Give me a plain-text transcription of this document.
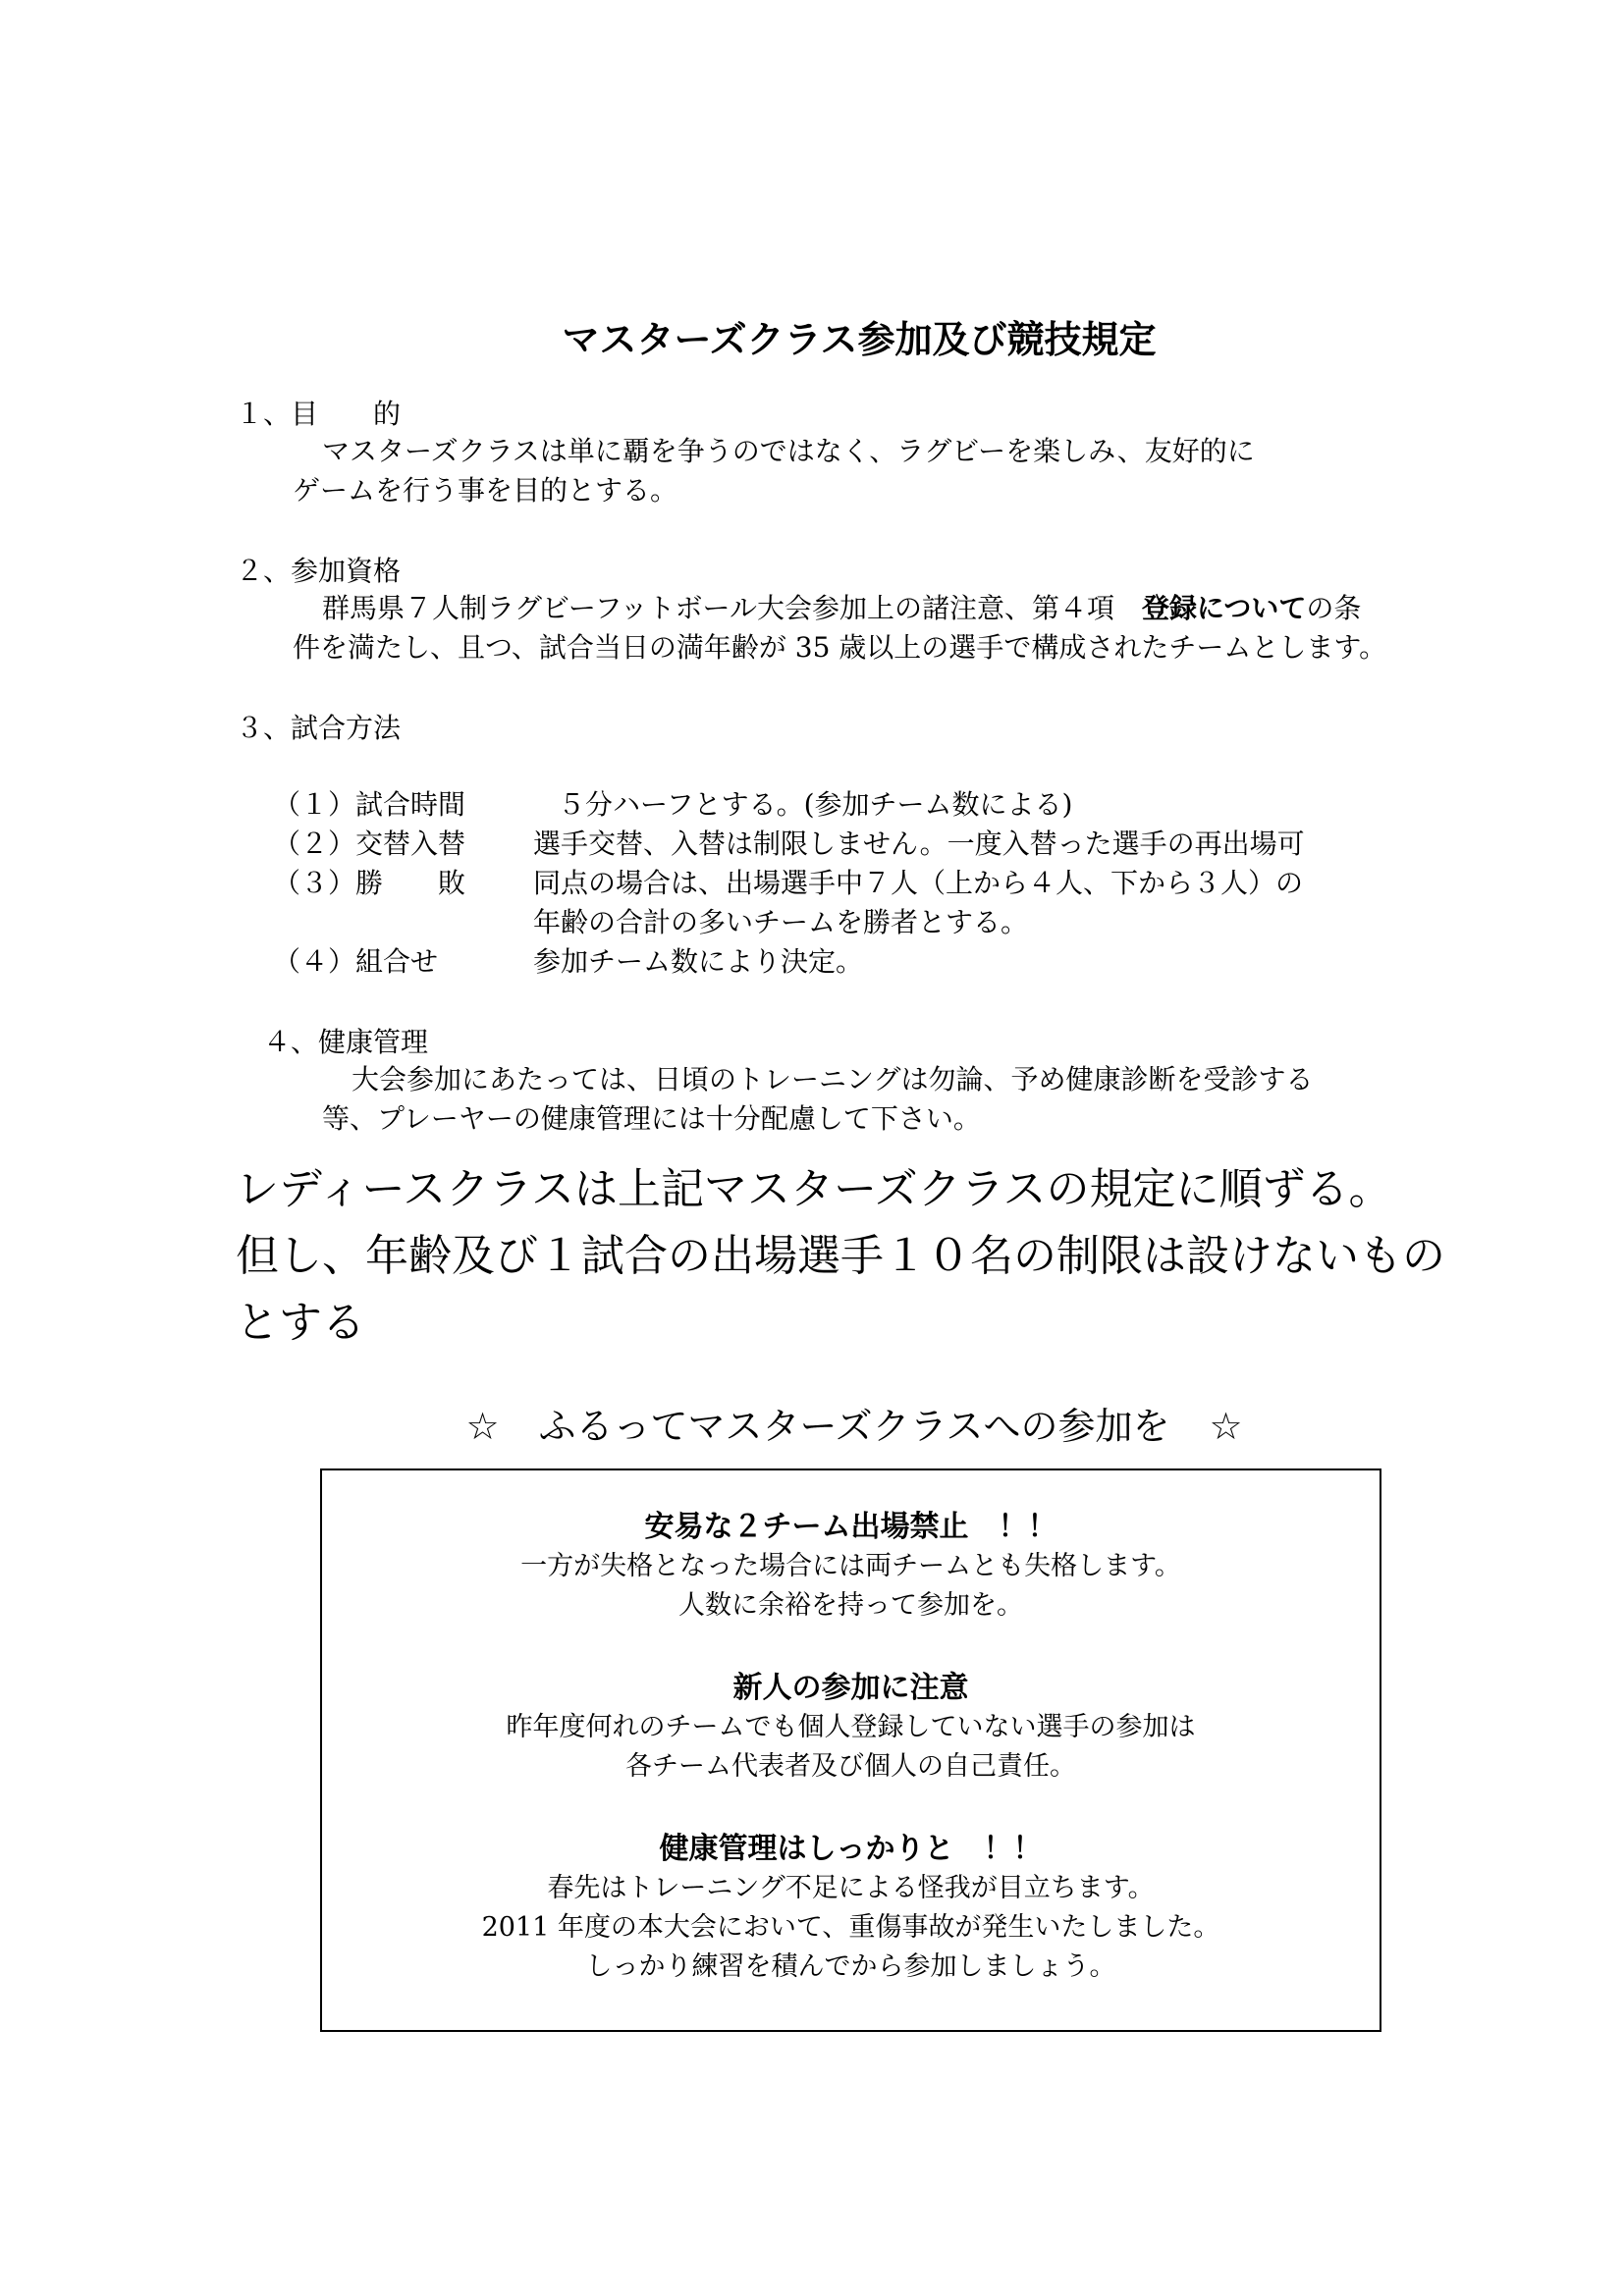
マスターズクラス参加及び競技規定
１、目　　的
マスターズクラスは単に覇を争うのではなく、ラグビーを楽しみ、友好的に
ゲームを行う事を目的とする。
２、参加資格
群馬県７人制ラグビーフットボール大会参加上の諸注意、第４項　登録についての条
件を満たし、且つ、試合当日の満年齢が 35 歳以上の選手で構成されたチームとします。
３、試合方法
（１）試合時間 　５分ハーフとする。(参加チーム数による)
（２）交替入替 選手交替、入替は制限しません。一度入替った選手の再出場可
（３）勝　　敗 同点の場合は、出場選手中７人（上から４人、下から３人）の
年齢の合計の多いチームを勝者とする。
（４）組合せ	参加チーム数により決定。
４、健康管理
大会参加にあたっては、日頃のトレーニングは勿論、予め健康診断を受診する
等、プレーヤーの健康管理には十分配慮して下さい。
レディースクラスは上記マスターズクラスの規定に順ずる。
但し、年齢及び１試合の出場選手１０名の制限は設けないもの
とする
☆ ふるってマスターズクラスへの参加を ☆
安易な２チーム出場禁止　！！
一方が失格となった場合には両チームとも失格します。
人数に余裕を持って参加を。
新人の参加に注意
昨年度何れのチームでも個人登録していない選手の参加は
各チーム代表者及び個人の自己責任。
健康管理はしっかりと　！！
春先はトレーニング不足による怪我が目立ちます。
2011 年度の本大会において、重傷事故が発生いたしました。
しっかり練習を積んでから参加しましょう。
